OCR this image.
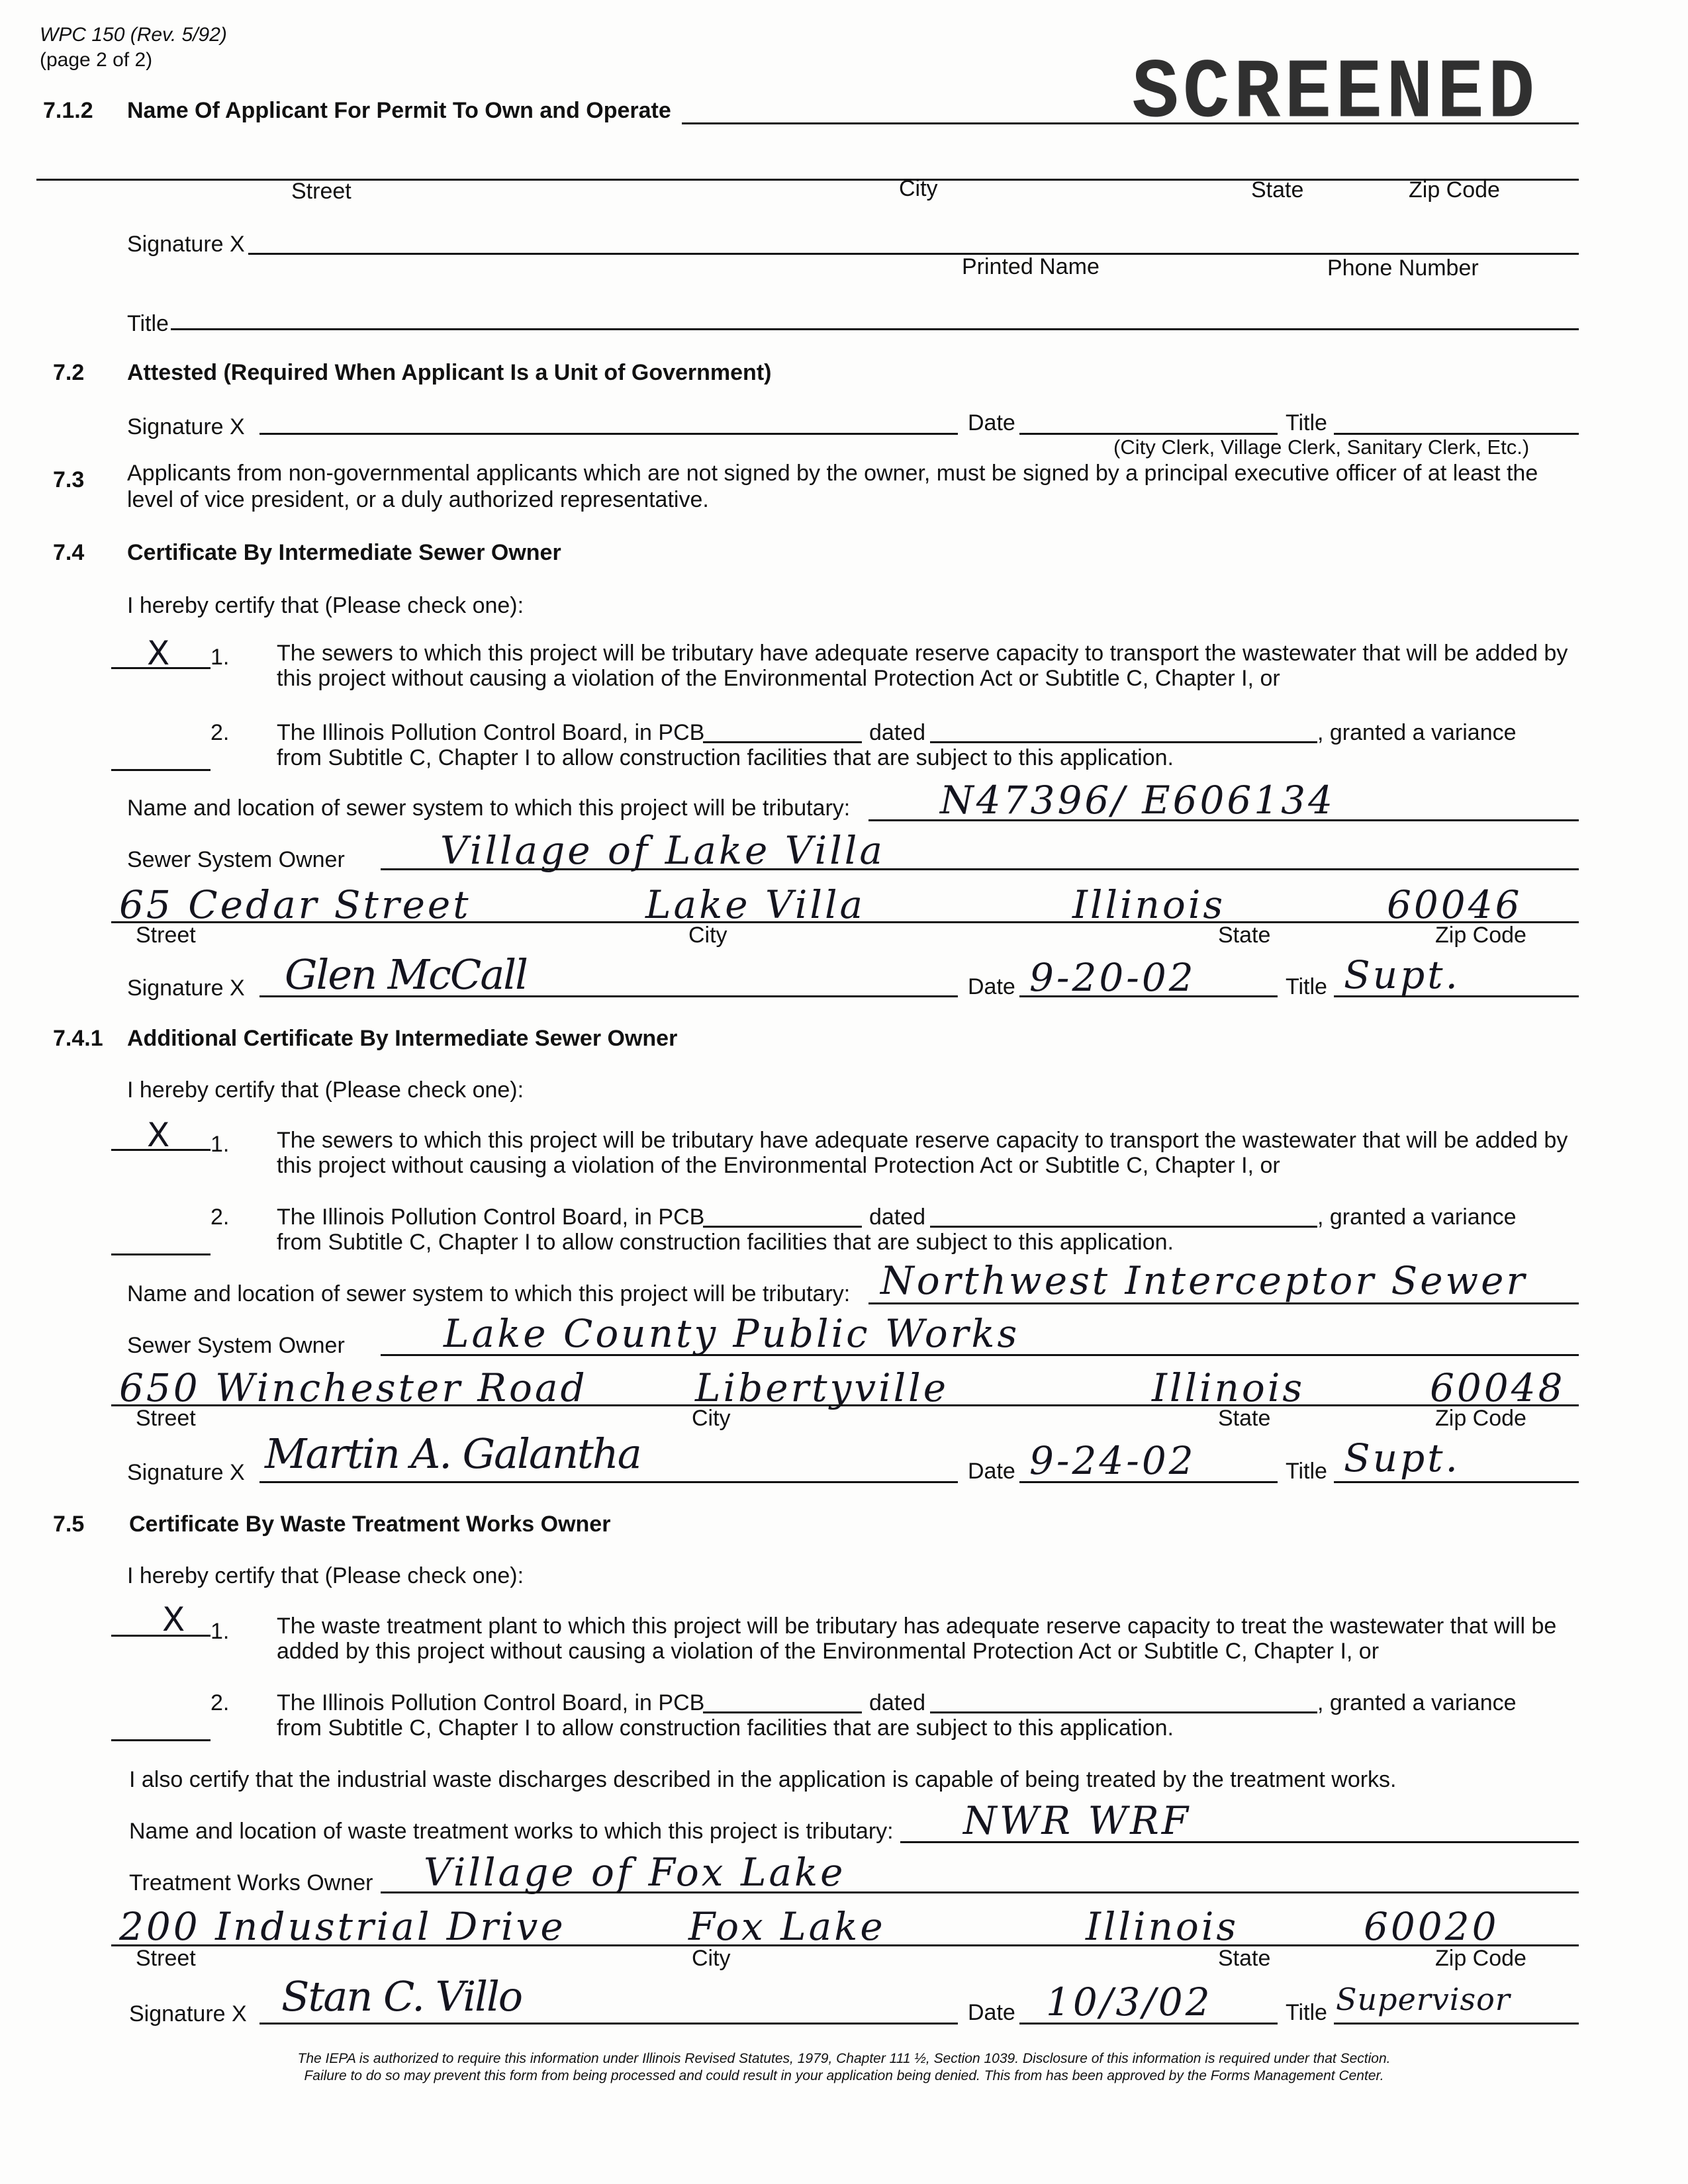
WPC 150 (Rev. 5/92)
(page 2 of 2)	SCREENED
7.1.2 Name Of Applicant For Permit To Own and Operate
Street	City	State	Zip Code
Signature X
Printed Name	Phone Number
Title
7.2 Attested (Required When Applicant Is a Unit of Government)
Signature X	Date	Title
(City Clerk, Village Clerk, Sanitary Clerk, Etc.)
7.3 Applicants from non-governmental applicants which are not signed by the owner, must be signed by a principal executive officer of at least the
level of vice president, or a duly authorized representative.
7.4 Certificate By Intermediate Sewer Owner
I hereby certify that (Please check one):
X 1. The sewers to which this project will be tributary have adequate reserve capacity to transport the wastewater that will be added by
this project without causing a violation of the Environmental Protection Act or Subtitle C, Chapter I, or
2. The Illinois Pollution Control Board, in PCB	dated	, granted a variance
from Subtitle C, Chapter I to allow construction facilities that are subject to this application.
Name and location of sewer system to which this project will be tributary: N47396/ E606134
Sewer System Owner Village of Lake Villa
65 Cedar Street	Lake Villa	Illinois	60046
Street	City	State	Zip Code
Signature X Glen McCall	Date 9-20-02	Title Supt.
7.4.1 Additional Certificate By Intermediate Sewer Owner
I hereby certify that (Please check one):
X 1. The sewers to which this project will be tributary have adequate reserve capacity to transport the wastewater that will be added by
this project without causing a violation of the Environmental Protection Act or Subtitle C, Chapter I, or
2. The Illinois Pollution Control Board, in PCB	dated	, granted a variance
from Subtitle C, Chapter I to allow construction facilities that are subject to this application.
Name and location of sewer system to which this project will be tributary: Northwest Interceptor Sewer
Sewer System Owner	Lake County Public Works
650 Winchester Road	Libertyville	Illinois	60048
Street	City	State	Zip Code
Signature X Martin A. Galantha	Date 9-24-02	Title Supt.
7.5 Certificate By Waste Treatment Works Owner
I hereby certify that (Please check one):
X 1. The waste treatment plant to which this project will be tributary has adequate reserve capacity to treat the wastewater that will be
added by this project without causing a violation of the Environmental Protection Act or Subtitle C, Chapter I, or
2. The Illinois Pollution Control Board, in PCB	dated	, granted a variance
from Subtitle C, Chapter I to allow construction facilities that are subject to this application.
I also certify that the industrial waste discharges described in the application is capable of being treated by the treatment works.
Name and location of waste treatment works to which this project is tributary: NWR WRF
Treatment Works Owner Village of Fox Lake
200 Industrial Drive	Fox Lake	Illinois	60020
Street	City	State	Zip Code
Signature X Stan C. Villo	Date 10/3/02	Title Supervisor
The IEPA is authorized to require this information under Illinois Revised Statutes, 1979, Chapter 111 ½, Section 1039. Disclosure of this information is required under that Section.
Failure to do so may prevent this form from being processed and could result in your application being denied. This from has been approved by the Forms Management Center.
